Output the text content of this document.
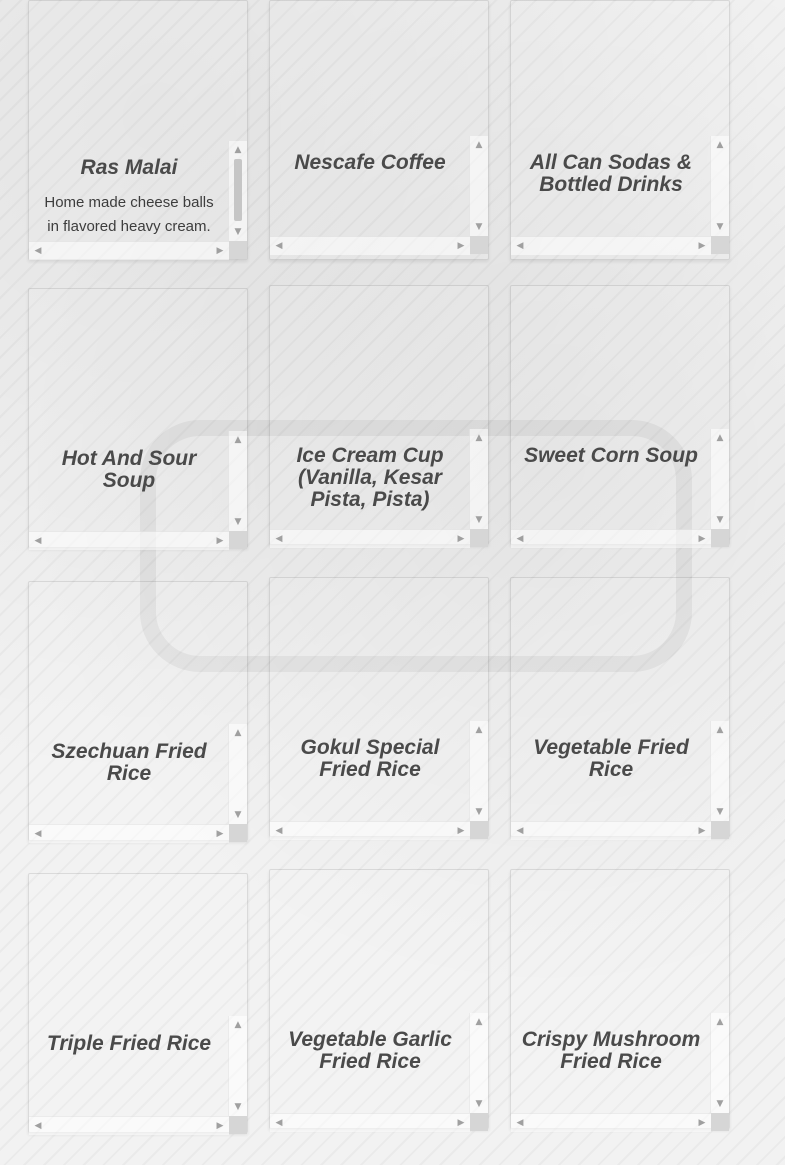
Ras Malai
Home made cheese balls in flavored heavy cream.
▲
▼
◀	▶
Nescafe Coffee
▲
▼
◀	▶
All Can Sodas & Bottled Drinks
▲
▼
◀	▶
Hot And Sour Soup
▲
▼
◀	▶
Ice Cream Cup (Vanilla, Kesar Pista, Pista)
▲
▼
◀	▶
Sweet Corn Soup
▲
▼
◀	▶
Szechuan Fried Rice
▲
▼
◀	▶
Gokul Special Fried Rice
▲
▼
◀	▶
Vegetable Fried Rice
▲
▼
◀	▶
Triple Fried Rice
▲
▼
◀	▶
Vegetable Garlic Fried Rice
▲
▼
◀	▶
Crispy Mushroom Fried Rice
▲
▼
◀	▶
